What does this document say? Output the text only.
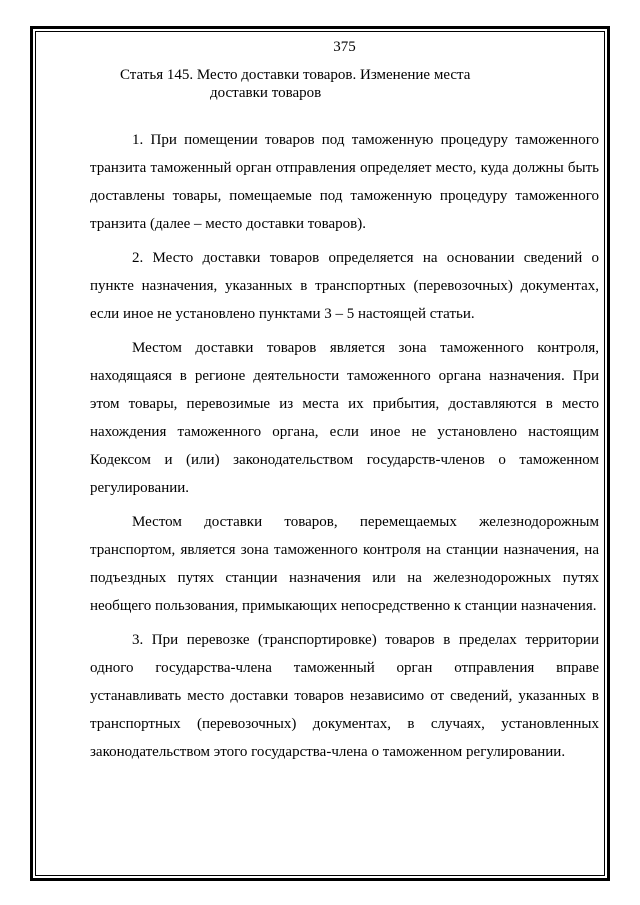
375
Статья 145. Место доставки товаров. Изменение места
доставки товаров

1. При помещении товаров под таможенную процедуру таможенного транзита таможенный орган отправления определяет место, куда должны быть доставлены товары, помещаемые под таможенную процедуру таможенного транзита (далее – место доставки товаров).

2. Место доставки товаров определяется на основании сведений о пункте назначения, указанных в транспортных (перевозочных) документах, если иное не установлено пунктами 3 – 5 настоящей статьи.

Местом доставки товаров является зона таможенного контроля, находящаяся в регионе деятельности таможенного органа назначения. При этом товары, перевозимые из места их прибытия, доставляются в место нахождения таможенного органа, если иное не установлено настоящим Кодексом и (или) законодательством государств-членов о таможенном регулировании.

Местом доставки товаров, перемещаемых железнодорожным транспортом, является зона таможенного контроля на станции назначения, на подъездных путях станции назначения или на железнодорожных путях необщего пользования, примыкающих непосредственно к станции назначения.

3. При перевозке (транспортировке) товаров в пределах территории одного государства-члена таможенный орган отправления вправе устанавливать место доставки товаров независимо от сведений, указанных в транспортных (перевозочных) документах, в случаях, установленных законодательством этого государства-члена о таможенном регулировании.
